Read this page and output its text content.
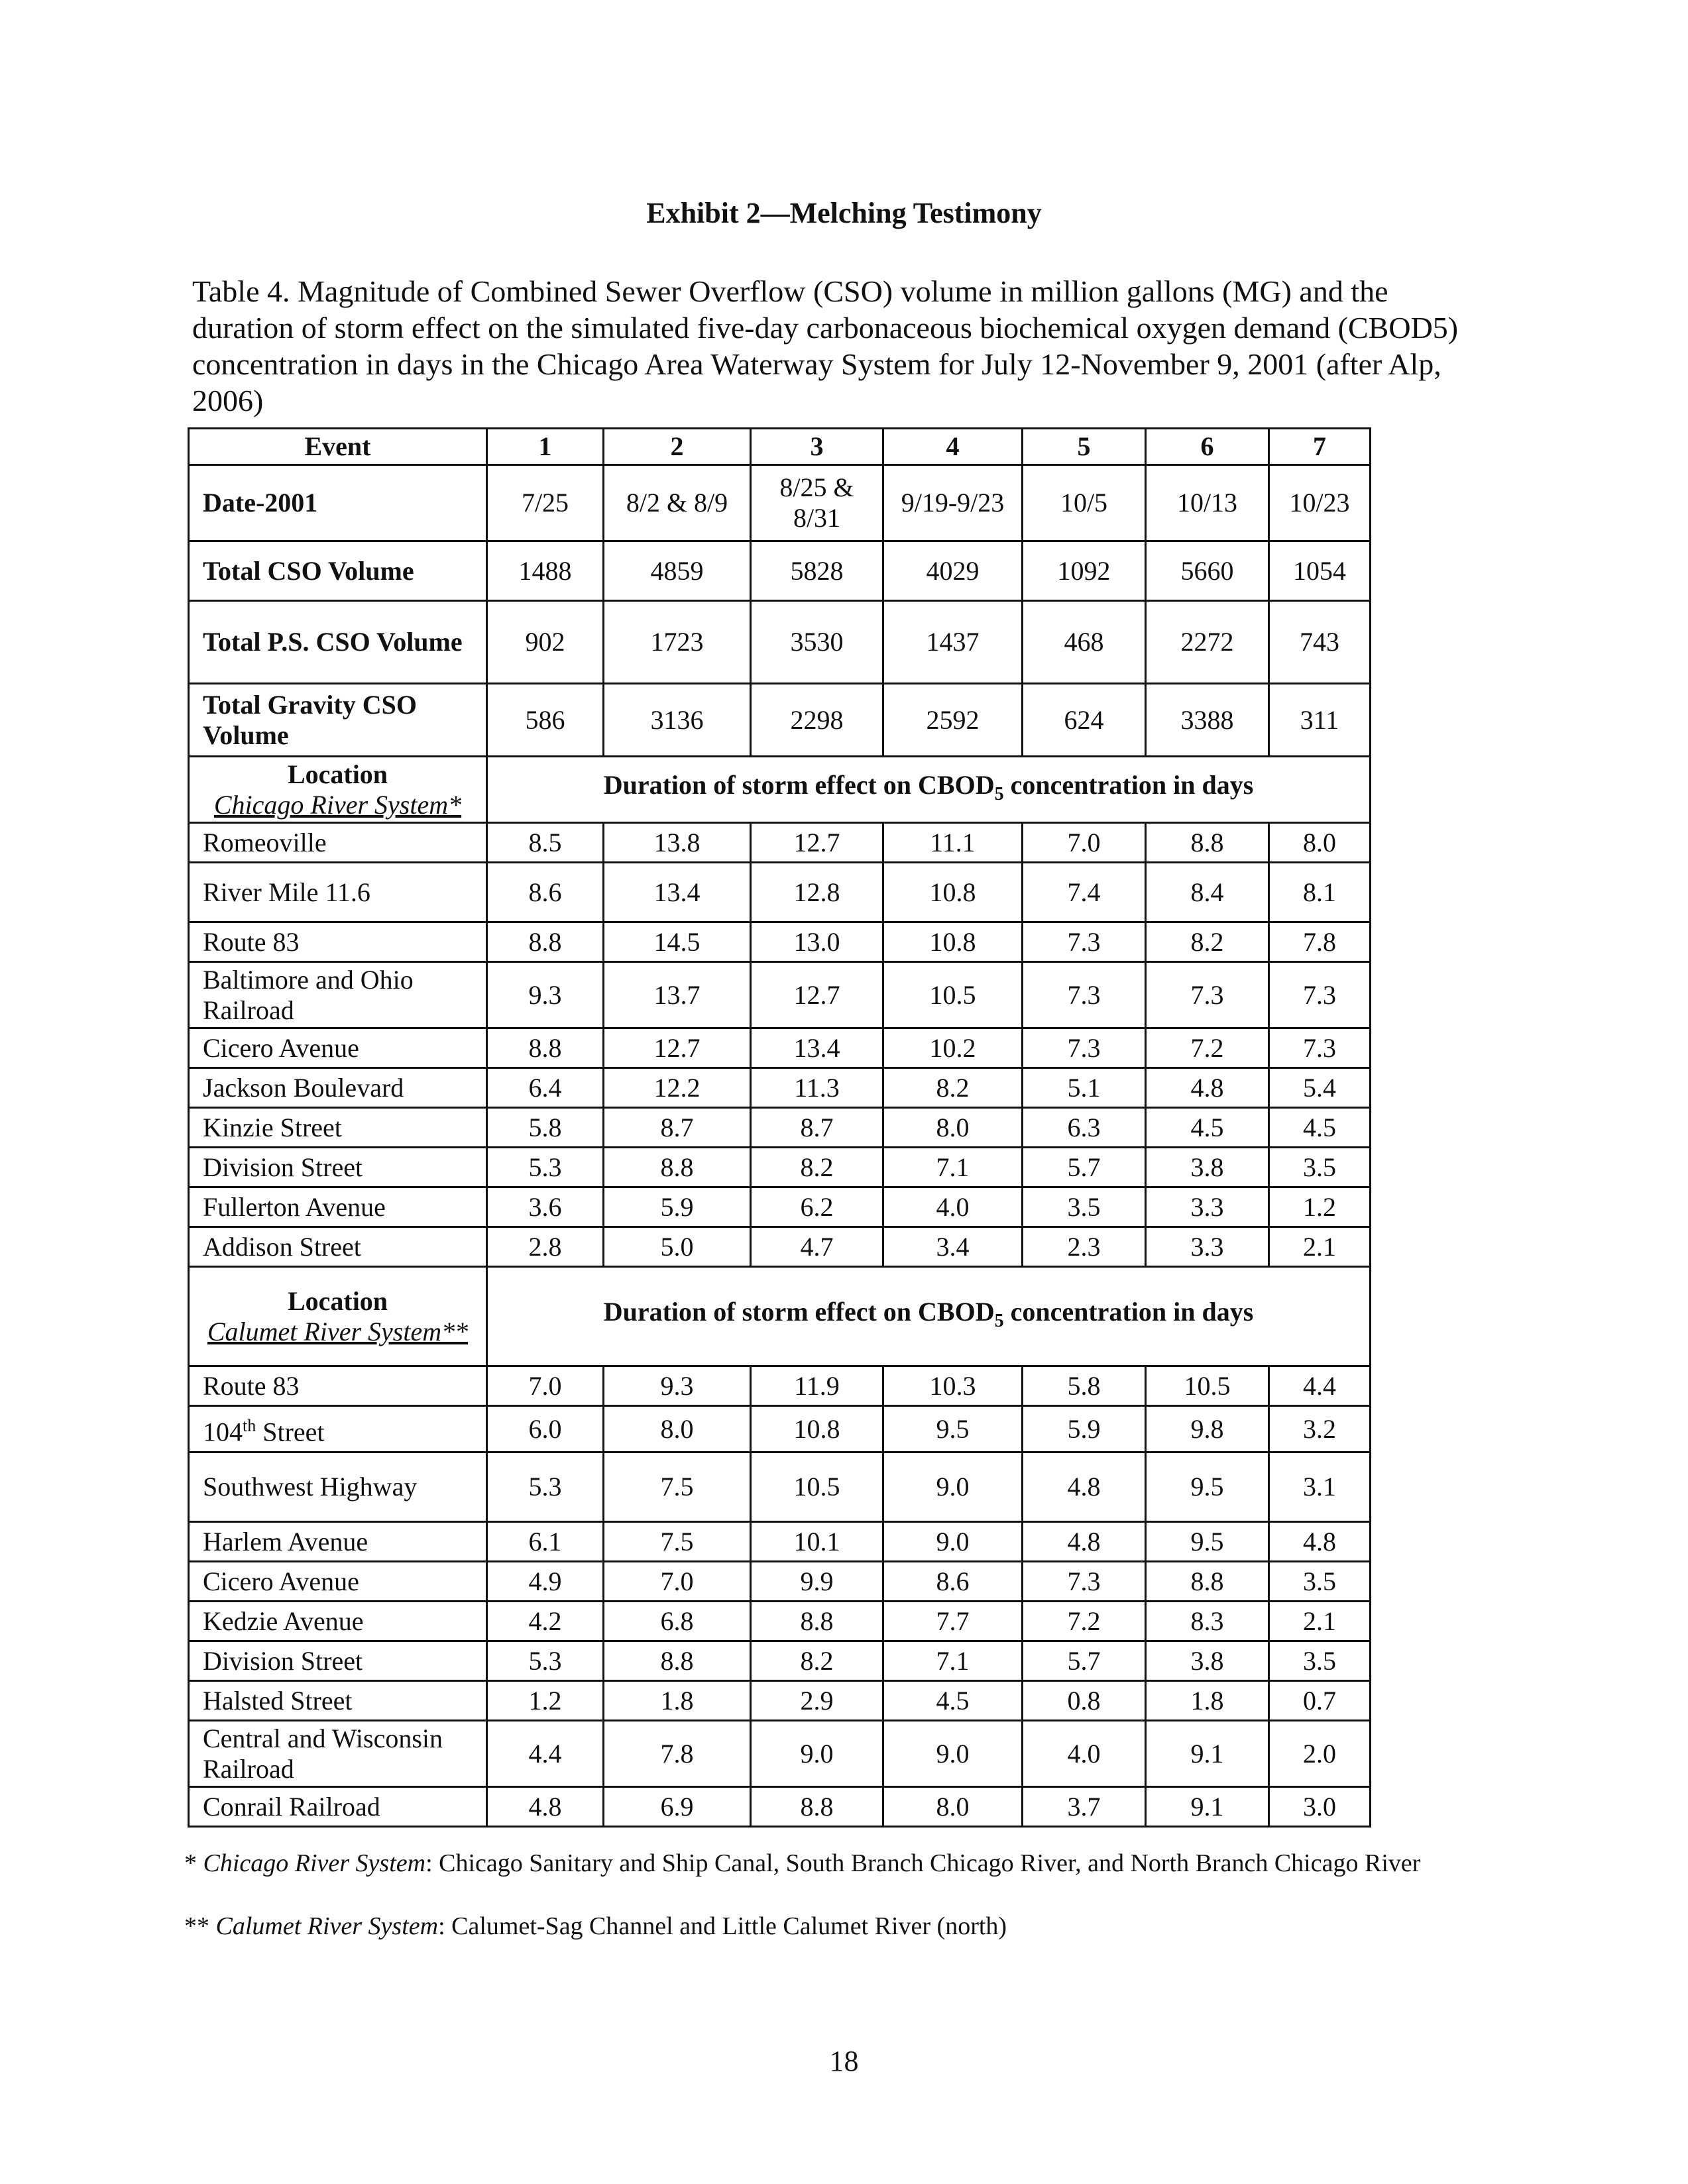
Exhibit 2—Melching Testimony
Table 4. Magnitude of Combined Sewer Overflow (CSO) volume in million gallons (MG) and the duration of storm effect on the simulated five-day carbonaceous biochemical oxygen demand (CBOD5) concentration in days in the Chicago Area Waterway System for July 12-November 9, 2001 (after Alp, 2006)
Event	1	2	3	4	5	6	7
Date-2001	7/25	8/2 & 8/9	8/25 & 8/31	9/19-9/23	10/5	10/13	10/23
Total CSO Volume	1488	4859	5828	4029	1092	5660	1054
Total P.S. CSO Volume	902	1723	3530	1437	468	2272	743
Total Gravity CSO Volume	586	3136	2298	2592	624	3388	311

Location
Chicago River System*	Duration of storm effect on $CBOD_5$ concentration in days						
Romeoville	8.5	13.8	12.7	11.1	7.0	8.8	8.0
River Mile 11.6	8.6	13.4	12.8	10.8	7.4	8.4	8.1
Route 83	8.8	14.5	13.0	10.8	7.3	8.2	7.8
Baltimore and Ohio Railroad	9.3	13.7	12.7	10.5	7.3	7.3	7.3
Cicero Avenue	8.8	12.7	13.4	10.2	7.3	7.2	7.3
Jackson Boulevard	6.4	12.2	11.3	8.2	5.1	4.8	5.4
Kinzie Street	5.8	8.7	8.7	8.0	6.3	4.5	4.5
Division Street	5.3	8.8	8.2	7.1	5.7	3.8	3.5
Fullerton Avenue	3.6	5.9	6.2	4.0	3.5	3.3	1.2
Addison Street	2.8	5.0	4.7	3.4	2.3	3.3	2.1

Location
Calumet River System**	Duration of storm effect on $CBOD_5$ concentration in days						
Route 83	7.0	9.3	11.9	10.3	5.8	10.5	4.4
104th Street	6.0	8.0	10.8	9.5	5.9	9.8	3.2
Southwest Highway	5.3	7.5	10.5	9.0	4.8	9.5	3.1
Harlem Avenue	6.1	7.5	10.1	9.0	4.8	9.5	4.8
Cicero Avenue	4.9	7.0	9.9	8.6	7.3	8.8	3.5
Kedzie Avenue	4.2	6.8	8.8	7.7	7.2	8.3	2.1
Division Street	5.3	8.8	8.2	7.1	5.7	3.8	3.5
Halsted Street	1.2	1.8	2.9	4.5	0.8	1.8	0.7
Central and Wisconsin Railroad	4.4	7.8	9.0	9.0	4.0	9.1	2.0
Conrail Railroad	4.8	6.9	8.8	8.0	3.7	9.1	3.0
* Chicago River System: Chicago Sanitary and Ship Canal, South Branch Chicago River, and North Branch Chicago River
** Calumet River System: Calumet-Sag Channel and Little Calumet River (north)
18
